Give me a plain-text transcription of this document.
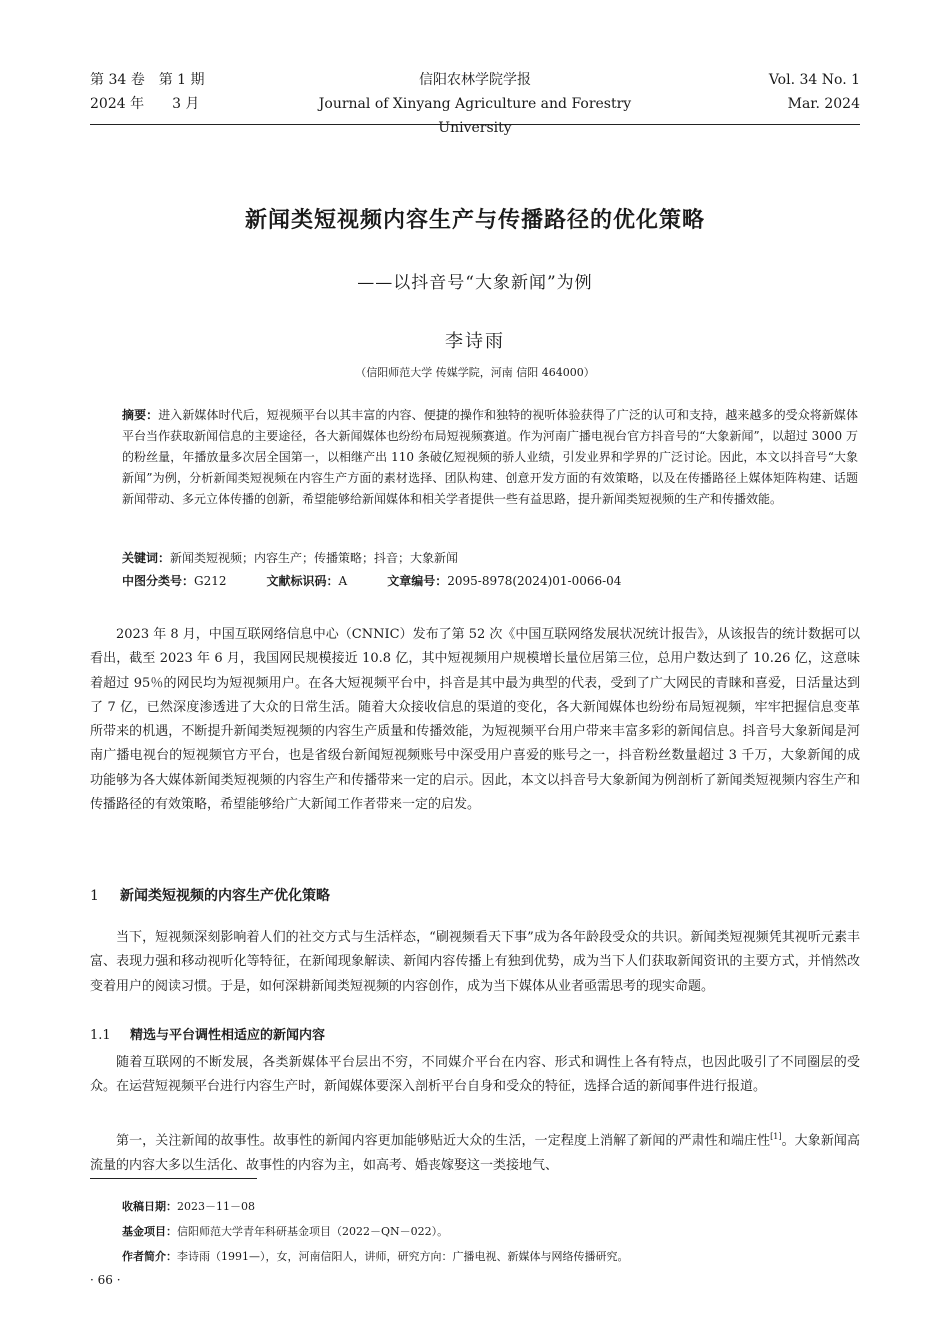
第 34 卷　第 1 期	信阳农林学院学报	Vol. 34 No. 1
2024 年　　3 月	Journal of Xinyang Agriculture and Forestry University
Mar. 2024
新闻类短视频内容生产与传播路径的优化策略
——以抖音号“大象新闻”为例
李诗雨
（信阳师范大学 传媒学院，河南 信阳 464000）
摘要：进入新媒体时代后，短视频平台以其丰富的内容、便捷的操作和独特的视听体验获得了广泛的认可和支持，越来越多的受众将新媒体平台当作获取新闻信息的主要途径，各大新闻媒体也纷纷布局短视频赛道。作为河南广播电视台官方抖音号的“大象新闻”，以超过 3000 万的粉丝量，年播放量多次居全国第一，以相继产出 110 条破亿短视频的骄人业绩，引发业界和学界的广泛讨论。因此，本文以抖音号“大象新闻”为例，分析新闻类短视频在内容生产方面的素材选择、团队构建、创意开发方面的有效策略，以及在传播路径上媒体矩阵构建、话题新闻带动、多元立体传播的创新，希望能够给新闻媒体和相关学者提供一些有益思路，提升新闻类短视频的生产和传播效能。
关键词：新闻类短视频；内容生产；传播策略；抖音；大象新闻
中图分类号：G212	文献标识码：A	文章编号：2095-8978(2024)01-0066-04
2023 年 8 月，中国互联网络信息中心（CNNIC）发布了第 52 次《中国互联网络发展状况统计报告》，从该报告的统计数据可以看出，截至 2023 年 6 月，我国网民规模接近 10.8 亿，其中短视频用户规模增长量位居第三位，总用户数达到了 10.26 亿，这意味着超过 95％的网民均为短视频用户。在各大短视频平台中，抖音是其中最为典型的代表，受到了广大网民的青睐和喜爱，日活量达到了 7 亿，已然深度渗透进了大众的日常生活。随着大众接收信息的渠道的变化，各大新闻媒体也纷纷布局短视频，牢牢把握信息变革所带来的机遇，不断提升新闻类短视频的内容生产质量和传播效能，为短视频平台用户带来丰富多彩的新闻信息。抖音号大象新闻是河南广播电视台的短视频官方平台，也是省级台新闻短视频账号中深受用户喜爱的账号之一，抖音粉丝数量超过 3 千万，大象新闻的成功能够为各大媒体新闻类短视频的内容生产和传播带来一定的启示。因此，本文以抖音号大象新闻为例剖析了新闻类短视频内容生产和传播路径的有效策略，希望能够给广大新闻工作者带来一定的启发。
1 新闻类短视频的内容生产优化策略
当下，短视频深刻影响着人们的社交方式与生活样态，“刷视频看天下事”成为各年龄段受众的共识。新闻类短视频凭其视听元素丰富、表现力强和移动视听化等特征，在新闻现象解读、新闻内容传播上有独到优势，成为当下人们获取新闻资讯的主要方式，并悄然改变着用户的阅读习惯。于是，如何深耕新闻类短视频的内容创作，成为当下媒体从业者亟需思考的现实命题。
1.1 精选与平台调性相适应的新闻内容
随着互联网的不断发展，各类新媒体平台层出不穷，不同媒介平台在内容、形式和调性上各有特点，也因此吸引了不同圈层的受众。在运营短视频平台进行内容生产时，新闻媒体要深入剖析平台自身和受众的特征，选择合适的新闻事件进行报道。
第一，关注新闻的故事性。故事性的新闻内容更加能够贴近大众的生活，一定程度上消解了新闻的严肃性和端庄性[1]。大象新闻高流量的内容大多以生活化、故事性的内容为主，如高考、婚丧嫁娶这一类接地气、
收稿日期：2023－11－08
基金项目：信阳师范大学青年科研基金项目（2022－QN－022）。
作者简介：李诗雨（1991—），女，河南信阳人，讲师，研究方向：广播电视、新媒体与网络传播研究。
· 66 ·
